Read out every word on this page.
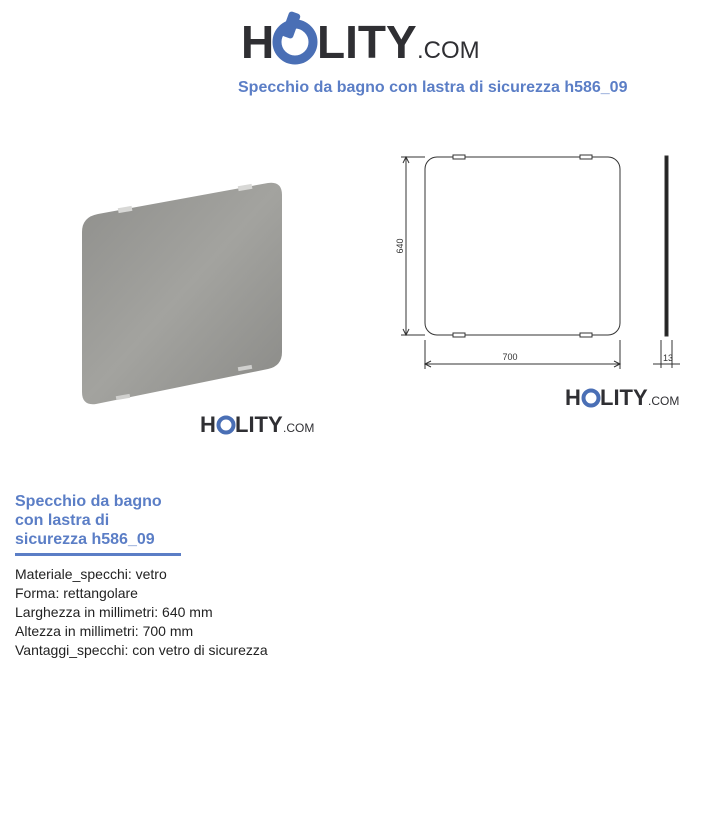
H LITY .COM
Specchio da bagno con lastra di sicurezza h586_09
H LITY .COM
640
700	13
H LITY .COM
Specchio da bagno con lastra di sicurezza h586_09
Materiale_specchi: vetro
Forma: rettangolare
Larghezza in millimetri: 640 mm
Altezza in millimetri: 700 mm
Vantaggi_specchi: con vetro di sicurezza
